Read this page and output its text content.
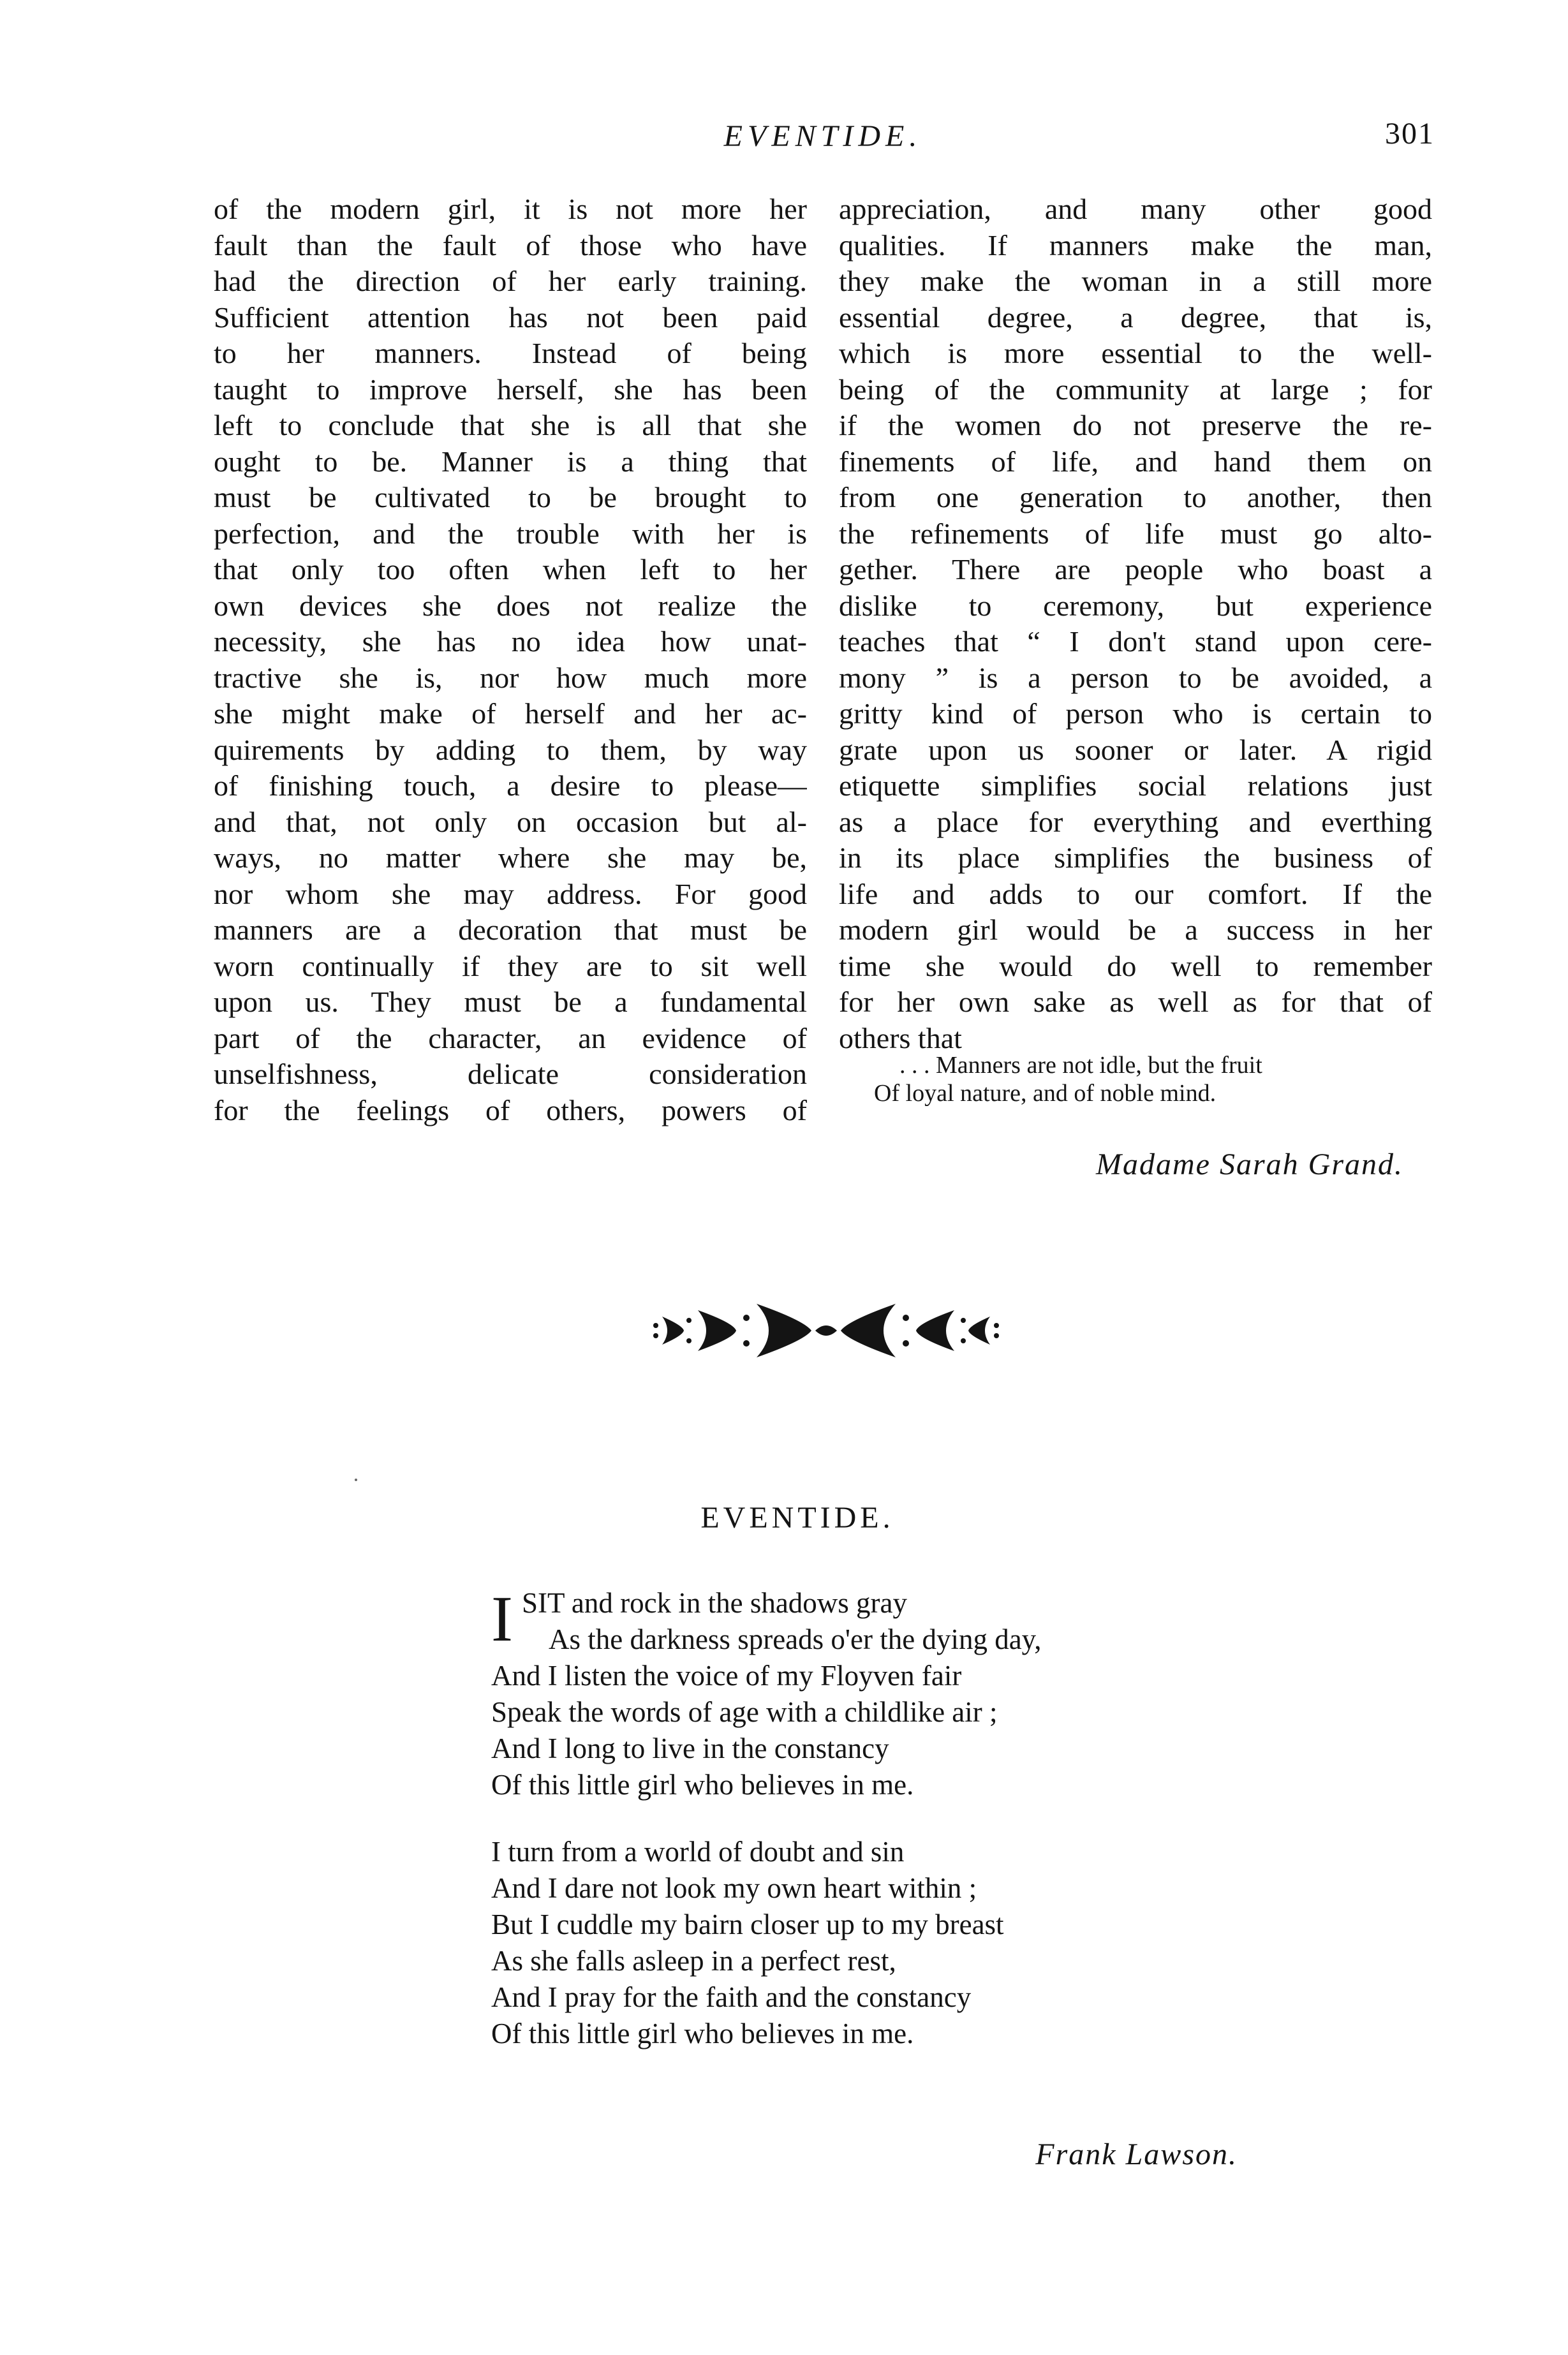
EVENTIDE.	301
of the modern girl, it is not more her
fault than the fault of those who have
had the direction of her early training.
Sufficient attention has not been paid
to her manners. Instead of being
taught to improve herself, she has been
left to conclude that she is all that she
ought to be. Manner is a thing that
must be cultivated to be brought to
perfection, and the trouble with her is
that only too often when left to her
own devices she does not realize the
necessity, she has no idea how unat-
tractive she is, nor how much more
she might make of herself and her ac-
quirements by adding to them, by way
of finishing touch, a desire to please—
and that, not only on occasion but al-
ways, no matter where she may be,
nor whom she may address. For good
manners are a decoration that must be
worn continually if they are to sit well
upon us. They must be a fundamental
part of the character, an evidence of
unselfishness, delicate consideration
for the feelings of others, powers of
appreciation, and many other good
qualities. If manners make the man,
they make the woman in a still more
essential degree, a degree, that is,
which is more essential to the well-
being of the community at large ; for
if the women do not preserve the re-
finements of life, and hand them on
from one generation to another, then
the refinements of life must go alto-
gether. There are people who boast a
dislike to ceremony, but experience
teaches that “ I don't stand upon cere-
mony ” is a person to be avoided, a
gritty kind of person who is certain to
grate upon us sooner or later. A rigid
etiquette simplifies social relations just
as a place for everything and everthing
in its place simplifies the business of
life and adds to our comfort. If the
modern girl would be a success in her
time she would do well to remember
for her own sake as well as for that of
others that
. . . Manners are not idle, but the fruit
Of loyal nature, and of noble mind.
Madame Sarah Grand.
EVENTIDE.
I SIT and rock in the shadows gray
As the darkness spreads o'er the dying day,
And I listen the voice of my Floyven fair
Speak the words of age with a childlike air ;
And I long to live in the constancy
Of this little girl who believes in me.
I turn from a world of doubt and sin
And I dare not look my own heart within ;
But I cuddle my bairn closer up to my breast
As she falls asleep in a perfect rest,
And I pray for the faith and the constancy
Of this little girl who believes in me.
Frank Lawson.
